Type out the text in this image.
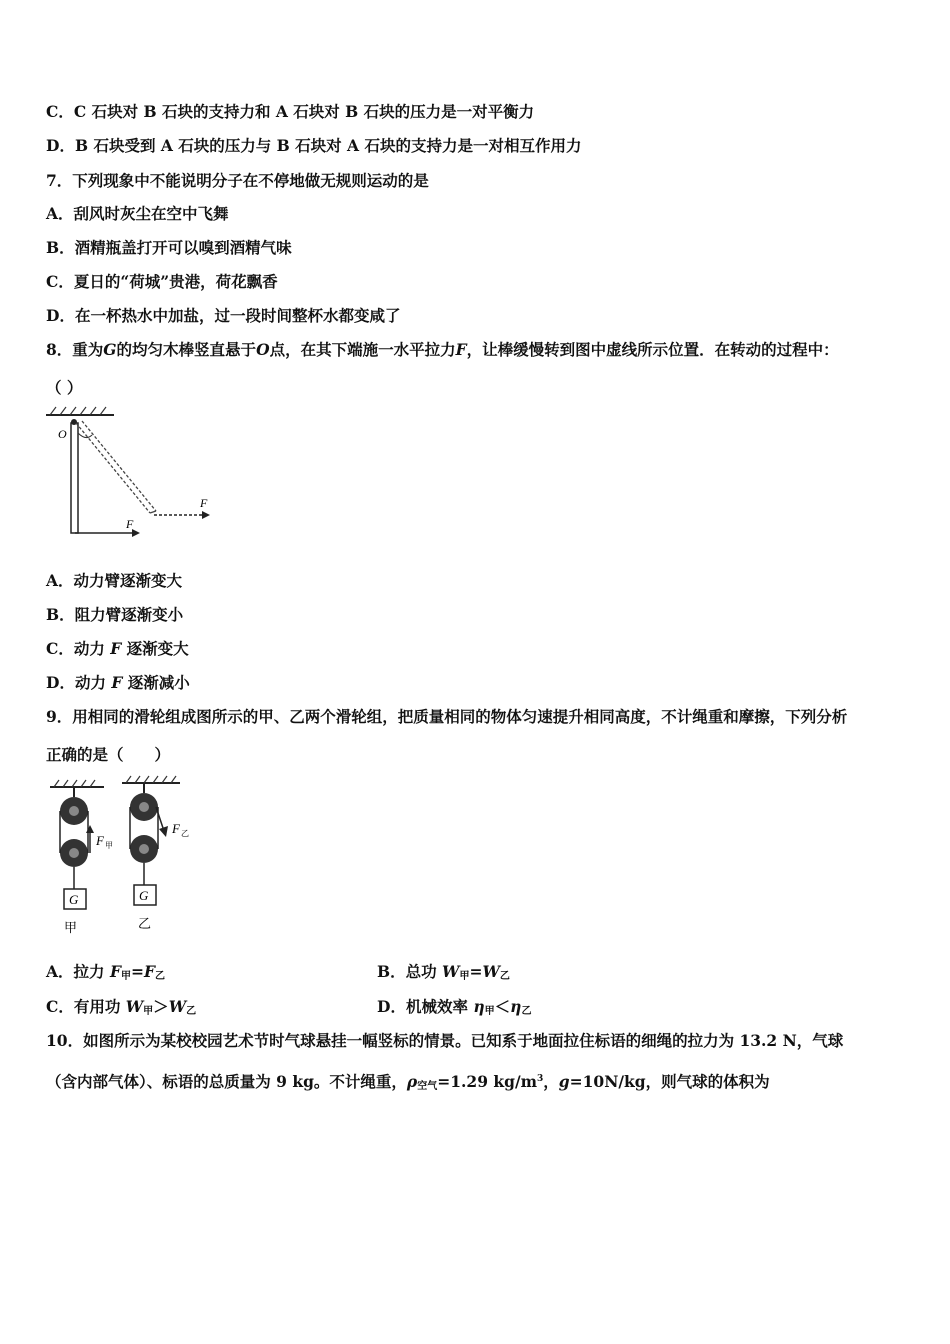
C．C 石块对 B 石块的支持力和 A 石块对 B 石块的压力是一对平衡力
D．B 石块受到 A 石块的压力与 B 石块对 A 石块的支持力是一对相互作用力
7．下列现象中不能说明分子在不停地做无规则运动的是
A．刮风时灰尘在空中飞舞
B．酒精瓶盖打开可以嗅到酒精气味
C．夏日的“荷城”贵港，荷花飘香
D．在一杯热水中加盐，过一段时间整杯水都变咸了
8．重为G的均匀木棒竖直悬于O点，在其下端施一水平拉力F，让棒缓慢转到图中虚线所示位置．在转动的过程中：
（ ）
O
F
F
A．动力臂逐渐变大
B．阻力臂逐渐变小
C．动力 F 逐渐变大
D．动力 F 逐渐减小
9．用相同的滑轮组成图所示的甲、乙两个滑轮组，把质量相同的物体匀速提升相同高度，不计绳重和摩擦，下列分析
正确的是（　　）
G
F 甲
甲
G
F 乙
乙
A．拉力 F甲=F乙	B．总功 W甲=W乙
C．有用功 W甲＞W乙	D．机械效率 η甲＜η乙
10．如图所示为某校校园艺术节时气球悬挂一幅竖标的情景。已知系于地面拉住标语的细绳的拉力为 13.2 N，气球
（含内部气体）、标语的总质量为 9 kg。不计绳重，ρ空气=1.29 $kg/m^3$，g=10N/kg，则气球的体积为
